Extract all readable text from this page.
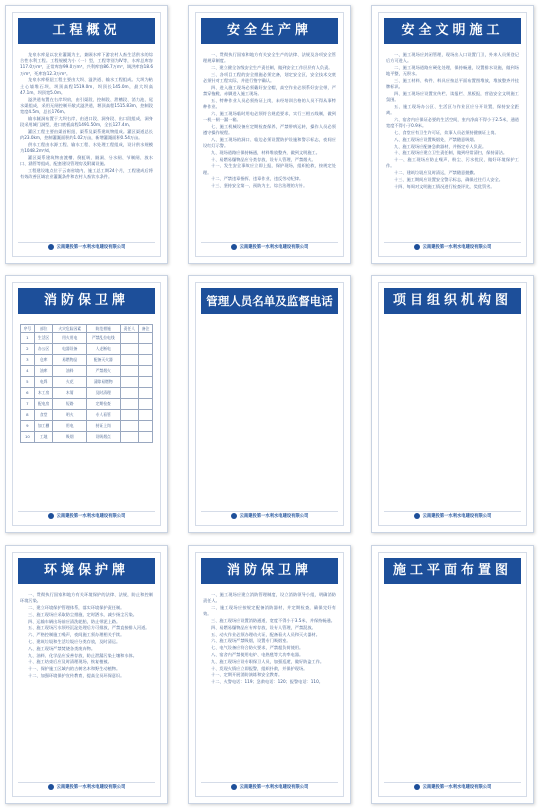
工程概况

龙泉水库是以农业灌溉为主，兼顾水库下游农村人畜生活供水的综合性水利工程。工程规模为小（一）型，工程等别为Ⅳ等，水库总库容117.0万m³，正常库容99.0万m³，兴利库容86.7万m³，调洪库容18.6万m³，死库容12.3万m³。

龙泉水库枢纽工程主要由大坝、溢洪道、输水工程组成。大坝为粘土心墙堆石坝，坝顶高程1519.0m，坝顶长145.0m，最大坝高47.1m，坝顶宽5.0m。

溢洪道布置在右岸坝肩，由引渠段、控制段、泄槽段、消力池、尾水渠组成，采用无闸控制开敞式溢洪道，堰顶高程1515.83m，控制段宽度4.5m，总长176m。

输水隧洞布置于大坝右岸，由进口段、洞身段、出口段组成，洞身段采用城门洞型，进口底板高程1491.50m，全长127.4m。

灌区工程主要由渠首枢纽、渠系及渠系建筑物组成。灌区渠道总长约23.0km，控制灌溉面积约1.02万亩，新增灌溉面积0.54万亩。

供水工程由水源工程、输水工程、水处理工程组成，设计供水规模为1048.2m³/d。

灌区渠系建筑物由渡槽、倒虹吸、隧洞、分水闸、节制闸、放水口、涵管等组成，配套建设管理房及附属设施。

工程建设地点位于云南省境内，施工总工期24个月，工程建成后将有效改善区域农业灌溉条件和农村人畜饮水条件。

云南建投第一水利水电建设有限公司
安全生产牌

一、贯彻执行国家和地方有关安全生产的法律、法规及各项安全管理规章制度。

二、建立健全各级安全生产责任制，做到安全工作层层有人负责。

三、各项目工程的安全措施必须完备，划定安全区，安全技术交底必须针对工程实际，并进行签字确认。

四、进入施工现场必须戴好安全帽，高空作业必须系好安全带，严禁穿拖鞋、赤脚进入施工现场。

五、特种作业人员必须持证上岗，未经培训合格的人员不得从事特种作业。

六、施工现场临时用电必须符合规范要求，实行三相五线制，做到一机一闸一漏一箱。

七、施工机械设备应定期检查保养，严禁带病运转，操作人员必须遵守操作规程。

八、施工现场的洞口、临边必须设置防护设施和警示标志，夜间应设红灯示警。

九、现场道路应保持畅通，材料堆放整齐，做到文明施工。

十、易燃易爆物品应分类存放，设专人管理，严禁烟火。

十一、发生安全事故应立即上报，保护现场，组织抢救，按规定处理。

十二、严禁违章指挥、违章作业，违反劳动纪律。

十三、坚持安全第一、预防为主、综合治理的方针。

云南建投第一水利水电建设有限公司
安全文明施工

一、施工现场应封闭管理，现场出入口设置门卫，外来人员须登记后方可进入。

二、施工现场道路应硬化处理，保持畅通，设置排水设施，做到场地平整，无积水。

三、施工材料、构件、料具应按总平面布置图堆放，堆放整齐并挂牌标识。

四、施工现场应设置宣传栏、读报栏、黑板报，营造安全文明施工氛围。

五、施工现场办公区、生活区与作业区应分开设置，保持安全距离。

六、宿舍内应保证必要的生活空间，室内净高不得小于2.5米，通道宽度不得小于0.9米。

七、食堂应有卫生许可证，炊事人员必须持健康证上岗。

八、施工现场应设置吸烟处，严禁随意吸烟。

九、施工现场应配备急救器材，并指定专人负责。

十、施工现场应建立卫生责任制，做到经常清扫，保持清洁。

十一、施工现场应防止噪声、粉尘、污水扰民，做好环境保护工作。

十二、建筑垃圾应及时清运，严禁随意抛撒。

十三、施工期间应设置安全警示标志，确保过往行人安全。

十四、每周对文明施工情况进行检查评比，奖优罚劣。

云南建投第一水利水电建设有限公司
消防保卫牌
序号	部位	火灾危险因素	防范措施	责任人	备注
1	生活区	用火用电	严禁乱拉电线		
2	办公区	电器设备	人走断电		
3	仓库	易燃物品	配备灭火器		
4	油库	油料	严禁烟火		
5	电焊	火花	清除易燃物		
6	木工房	木屑	及时清理		
7	配电房	短路	定期检查		
8	食堂	明火	专人看管		
9	加工棚	用电	持证上岗		
10	工地	吸烟	设吸烟点		
云南建投第一水利水电建设有限公司
管理人员名单及监督电话
云南建投第一水利水电建设有限公司
项目组织机构图
云南建投第一水利水电建设有限公司
环境保护牌

一、贯彻执行国家和地方有关环境保护的法律、法规，防止和控制环境污染。

二、建立环境保护管理体系，落实环境保护责任制。

三、施工现场应采取防尘措施，定时洒水，减少扬尘污染。

四、运输车辆出场前应清洗轮胎，防止带泥上路。

五、施工现场污水须经沉淀处理后方可排放，严禁直接排入河道。

六、严格控制施工噪声，夜间施工须办理相关手续。

七、建筑垃圾和生活垃圾应分类存放，及时清运。

八、施工现场严禁焚烧各类废弃物。

九、油料、化学品应妥善存放，防止泄漏污染土壤和水体。

十、施工结束后应及时清理现场，恢复植被。

十一、保护施工区域内的古树名木和野生动植物。

十二、加强环境保护宣传教育，提高全员环保意识。

云南建投第一水利水电建设有限公司
消防保卫牌

一、施工现场应建立消防管理制度，设立消防领导小组，明确消防责任人。

二、施工现场应按规定配备消防器材，并定期检查，确保完好有效。

三、施工现场应设置消防通道，宽度不得小于3.5米，并保持畅通。

四、易燃易爆物品应专库存放，设专人管理，严禁混放。

五、动火作业必须办理动火证，配备看火人员和灭火器材。

六、施工现场严禁吸烟，设置专门吸烟室。

七、电气设备应符合防火要求，严禁超负荷使用。

八、宿舍内严禁使用电炉、电热毯等大功率电器。

九、施工现场应设专职保卫人员，加强巡逻，做好防盗工作。

十、发现火情应立即报警，组织扑救，并保护现场。

十一、定期开展消防演练和安全教育。

十二、火警电话：119；急救电话：120；报警电话：110。

云南建投第一水利水电建设有限公司
施工平面布置图
云南建投第一水利水电建设有限公司
